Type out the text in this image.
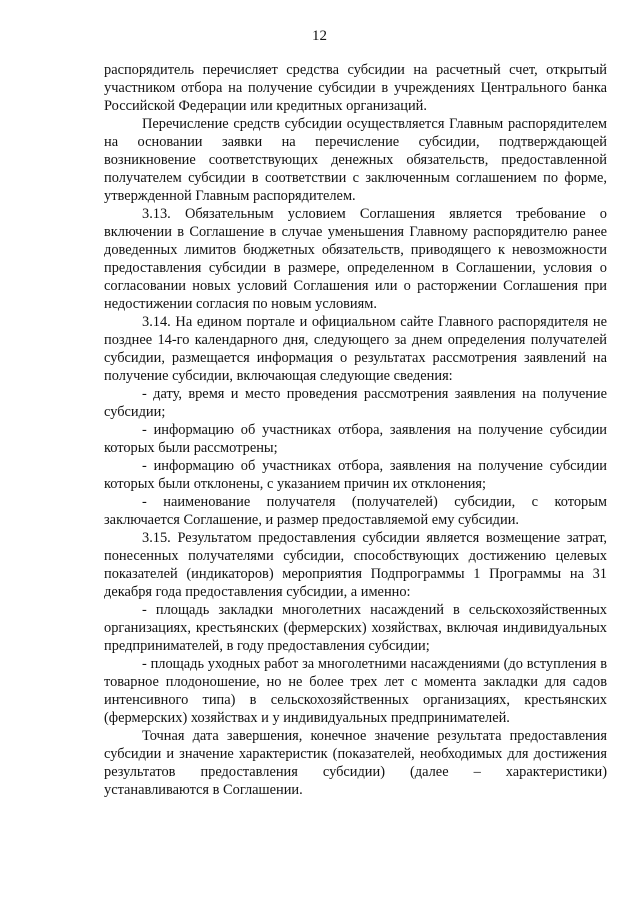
12

распорядитель перечисляет средства субсидии на расчетный счет, открытый участником отбора на получение субсидии в учреждениях Центрального банка Российской Федерации или кредитных организаций.

Перечисление средств субсидии осуществляется Главным распорядителем на основании заявки на перечисление субсидии, подтверждающей возникновение соответствующих денежных обязательств, предоставленной получателем субсидии в соответствии с заключенным соглашением по форме, утвержденной Главным распорядителем.

3.13. Обязательным условием Соглашения является требование о включении в Соглашение в случае уменьшения Главному распорядителю ранее доведенных лимитов бюджетных обязательств, приводящего к невозможности предоставления субсидии в размере, определенном в Соглашении, условия о согласовании новых условий Соглашения или о расторжении Соглашения при недостижении согласия по новым условиям.

3.14. На едином портале и официальном сайте Главного распорядителя не позднее 14-го календарного дня, следующего за днем определения получателей субсидии, размещается информация о результатах рассмотрения заявлений на получение субсидии, включающая следующие сведения:

- дату, время и место проведения рассмотрения заявления на получение субсидии;

- информацию об участниках отбора, заявления на получение субсидии которых были рассмотрены;

- информацию об участниках отбора, заявления на получение субсидии которых были отклонены, с указанием причин их отклонения;

- наименование получателя (получателей) субсидии, с которым заключается Соглашение, и размер предоставляемой ему субсидии.

3.15. Результатом предоставления субсидии является возмещение затрат, понесенных получателями субсидии, способствующих достижению целевых показателей (индикаторов) мероприятия Подпрограммы 1 Программы на 31 декабря года предоставления субсидии, а именно:

- площадь закладки многолетних насаждений в сельскохозяйственных организациях, крестьянских (фермерских) хозяйствах, включая индивидуальных предпринимателей, в году предоставления субсидии;

- площадь уходных работ за многолетними насаждениями (до вступления в товарное плодоношение, но не более трех лет с момента закладки для садов интенсивного типа) в сельскохозяйственных организациях, крестьянских (фермерских) хозяйствах и у индивидуальных предпринимателей.

Точная дата завершения, конечное значение результата предоставления субсидии и значение характеристик (показателей, необходимых для достижения результатов предоставления субсидии) (далее – характеристики) устанавливаются в Соглашении.
